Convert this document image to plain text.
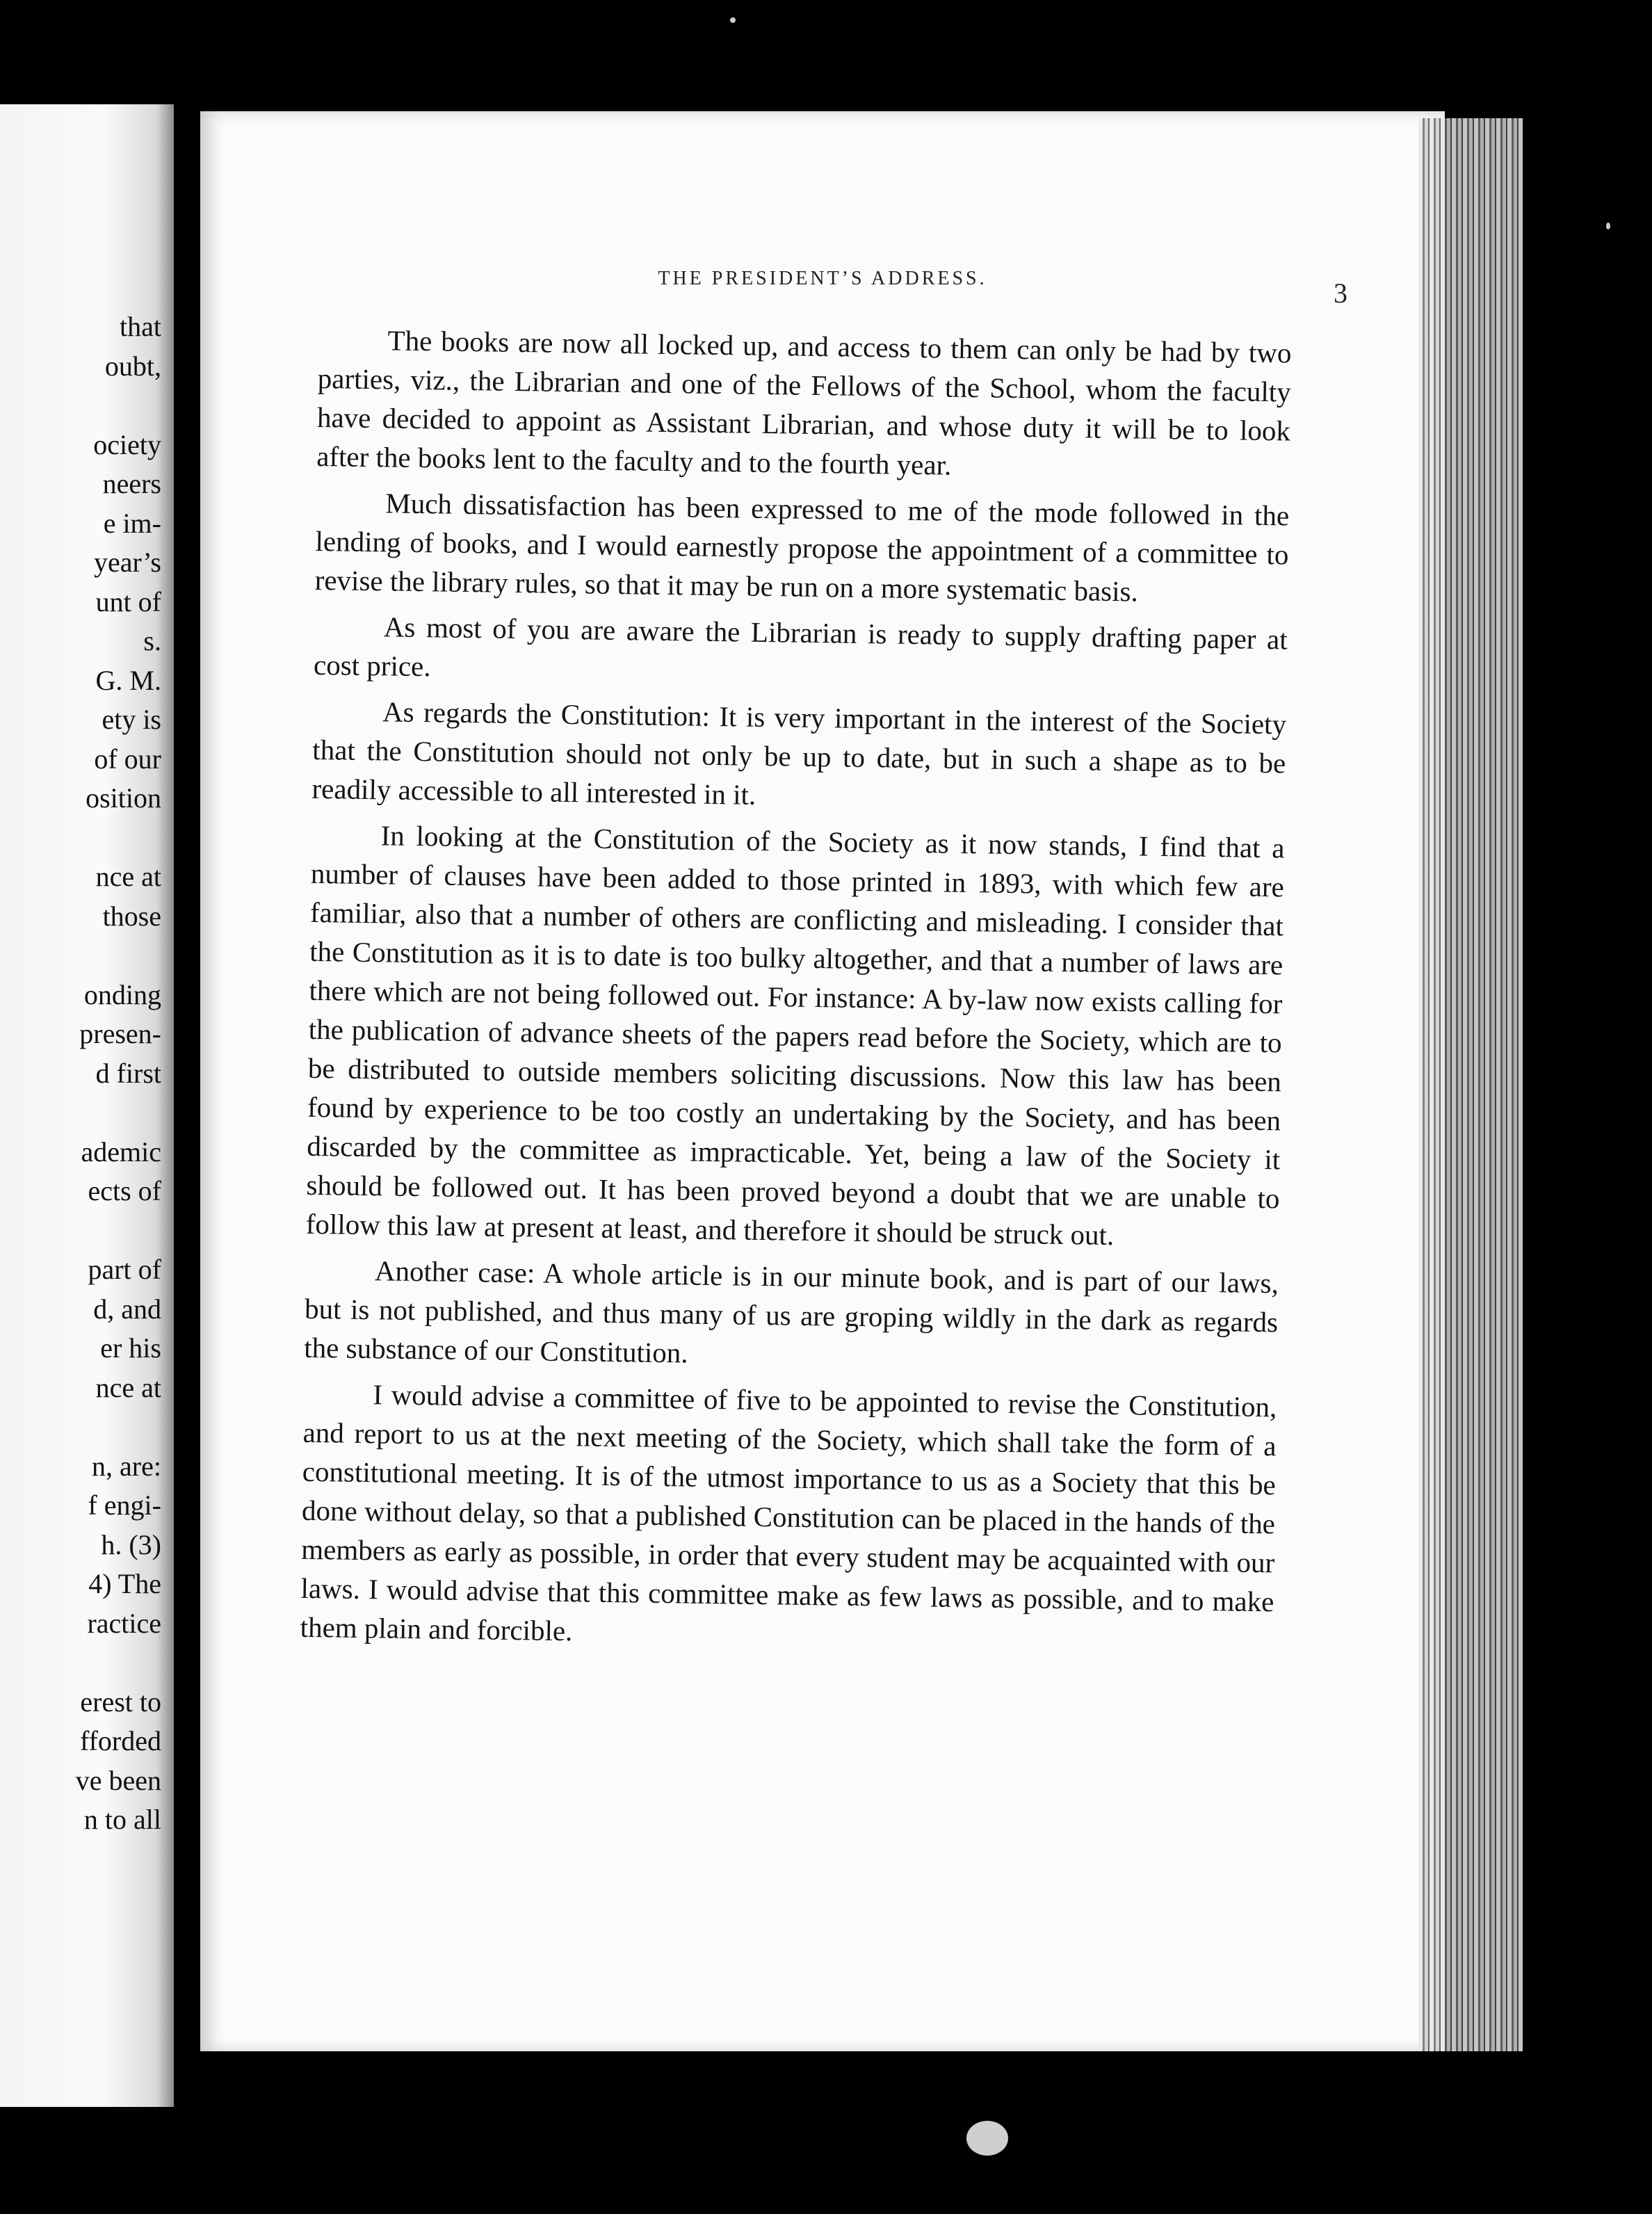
that
oubt,
ociety
neers
e im-
year’s
unt of
s.
G. M.
ety is
of our
osition
nce at
those
onding
presen-
d first
ademic
ects of
part of
d, and
er his
nce at
n, are:
f engi-
h. (3)
4) The
ractice
erest to
fforded
ve been
n to all
THE PRESIDENT’S ADDRESS.	3

The books are now all locked up, and access to them can only be had by two parties, viz., the Librarian and one of the Fellows of the School, whom the faculty have decided to appoint as Assistant Librarian, and whose duty it will be to look after the books lent to the faculty and to the fourth year.

Much dissatisfaction has been expressed to me of the mode followed in the lending of books, and I would earnestly propose the appointment of a committee to revise the library rules, so that it may be run on a more systematic basis.

As most of you are aware the Librarian is ready to supply drafting paper at cost price.

As regards the Constitution: It is very important in the interest of the Society that the Constitution should not only be up to date, but in such a shape as to be readily accessible to all interested in it.

In looking at the Constitution of the Society as it now stands, I find that a number of clauses have been added to those printed in 1893, with which few are familiar, also that a number of others are conflicting and misleading. I consider that the Constitution as it is to date is too bulky altogether, and that a number of laws are there which are not being followed out. For instance: A by-law now exists calling for the publication of advance sheets of the papers read before the Society, which are to be distributed to outside members soliciting discussions. Now this law has been found by experience to be too costly an undertaking by the Society, and has been discarded by the committee as impracticable. Yet, being a law of the Society it should be followed out. It has been proved beyond a doubt that we are unable to follow this law at present at least, and therefore it should be struck out.

Another case: A whole article is in our minute book, and is part of our laws, but is not published, and thus many of us are groping wildly in the dark as regards the substance of our Constitution.

I would advise a committee of five to be appointed to revise the Constitution, and report to us at the next meeting of the Society, which shall take the form of a constitutional meeting. It is of the utmost importance to us as a Society that this be done without delay, so that a published Constitution can be placed in the hands of the members as early as possible, in order that every student may be acquainted with our laws. I would advise that this committee make as few laws as possible, and to make them plain and forcible.
